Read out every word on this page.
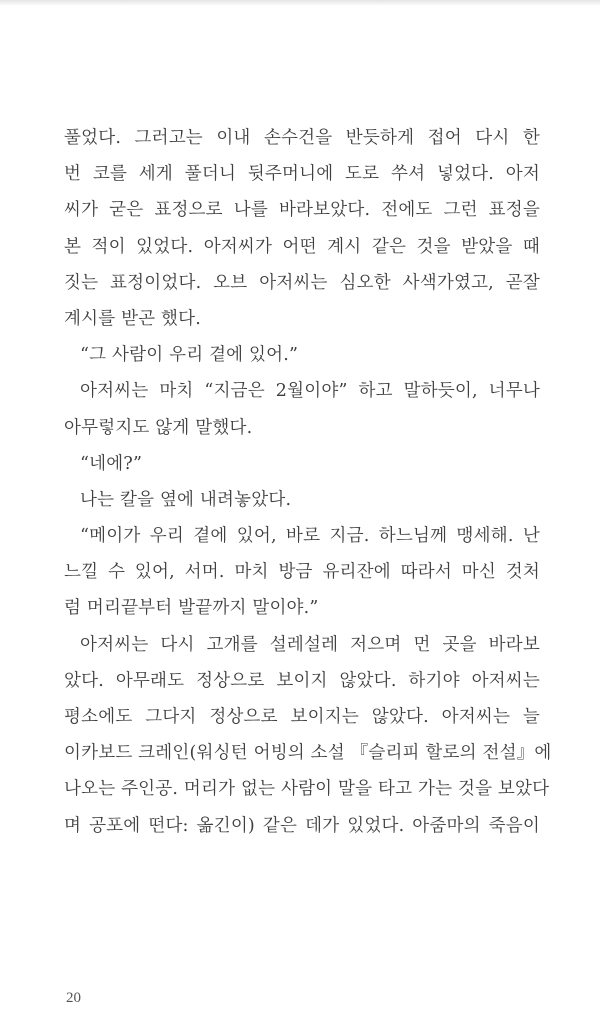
풀었다. 그러고는 이내 손수건을 반듯하게 접어 다시 한
번 코를 세게 풀더니 뒷주머니에 도로 쑤셔 넣었다. 아저
씨가 굳은 표정으로 나를 바라보았다. 전에도 그런 표정을
본 적이 있었다. 아저씨가 어떤 계시 같은 것을 받았을 때
짓는 표정이었다. 오브 아저씨는 심오한 사색가였고, 곧잘
계시를 받곤 했다.
“그 사람이 우리 곁에 있어.”
아저씨는 마치 “지금은 2월이야” 하고 말하듯이, 너무나
아무렇지도 않게 말했다.
“네에?”
나는 칼을 옆에 내려놓았다.
“메이가 우리 곁에 있어, 바로 지금. 하느님께 맹세해. 난
느낄 수 있어, 서머. 마치 방금 유리잔에 따라서 마신 것처
럼 머리끝부터 발끝까지 말이야.”
아저씨는 다시 고개를 설레설레 저으며 먼 곳을 바라보
았다. 아무래도 정상으로 보이지 않았다. 하기야 아저씨는
평소에도 그다지 정상으로 보이지는 않았다. 아저씨는 늘
이카보드 크레인(워싱턴 어빙의 소설 『슬리피 할로의 전설』에
나오는 주인공. 머리가 없는 사람이 말을 타고 가는 것을 보았다
며 공포에 떤다: 옮긴이) 같은 데가 있었다. 아줌마의 죽음이
20
